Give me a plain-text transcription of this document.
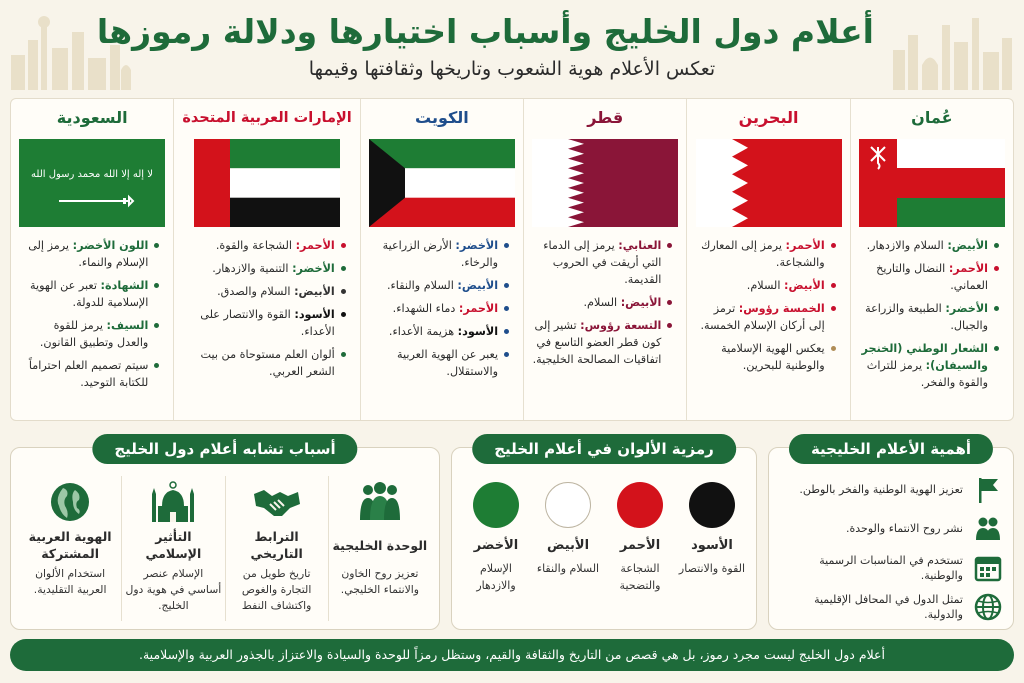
أعلام دول الخليج وأسباب اختيارها ودلالة رموزها
تعكس الأعلام هوية الشعوب وتاريخها وثقافتها وقيمها
عُمان
الأبيض: السلام والازدهار.
الأحمر: النضال والتاريخ العماني.
الأخضر: الطبيعة والزراعة والجبال.
الشعار الوطني (الخنجر والسيفان): يرمز للتراث والقوة والفخر.
البحرين
الأحمر: يرمز إلى المعارك والشجاعة.
الأبيض: السلام.
الخمسة رؤوس: ترمز إلى أركان الإسلام الخمسة.
يعكس الهوية الإسلامية والوطنية للبحرين.
قطر
العنابي: يرمز إلى الدماء التي أريقت في الحروب القديمة.
الأبيض: السلام.
التسعة رؤوس: تشير إلى كون قطر العضو التاسع في اتفاقيات المصالحة الخليجية.
الكويت
الأخضر: الأرض الزراعية والرخاء.
الأبيض: السلام والنقاء.
الأحمر: دماء الشهداء.
الأسود: هزيمة الأعداء.
يعبر عن الهوية العربية والاستقلال.
الإمارات العربية المتحدة
الأحمر: الشجاعة والقوة.
الأخضر: التنمية والازدهار.
الأبيض: السلام والصدق.
الأسود: القوة والانتصار على الأعداء.
ألوان العلم مستوحاة من بيت الشعر العربي.
السعودية
لا إله إلا الله محمد رسول الله
اللون الأخضر: يرمز إلى الإسلام والنماء.
الشهادة: تعبر عن الهوية الإسلامية للدولة.
السيف: يرمز للقوة والعدل وتطبيق القانون.
سيتم تصميم العلم احتراماً للكتابة التوحيد.
أهمية الأعلام الخليجية
تعزيز الهوية الوطنية والفخر بالوطن.
نشر روح الانتماء والوحدة.
تستخدم في المناسبات الرسمية والوطنية.
تمثل الدول في المحافل الإقليمية والدولية.
رمزية الألوان في أعلام الخليج
الأسود
القوة والانتصار
الأحمر
الشجاعة والتضحية
الأبيض
السلام والنقاء
الأخضر
الإسلام والازدهار
أسباب تشابه أعلام دول الخليج
الوحدة الخليجية
تعزيز روح الخاون والانتماء الخليجي.
الترابط التاريخي
تاريخ طويل من التجارة والغوص واكتشاف النفط
التأثير الإسلامي
الإسلام عنصر أساسي في هوية دول الخليج.
الهوية العربية المشتركة
استخدام الألوان العربية التقليدية.
أعلام دول الخليج ليست مجرد رموز، بل هي قصص من التاريخ والثقافة والقيم، وستظل رمزاً للوحدة والسيادة والاعتزاز بالجذور العربية والإسلامية.
